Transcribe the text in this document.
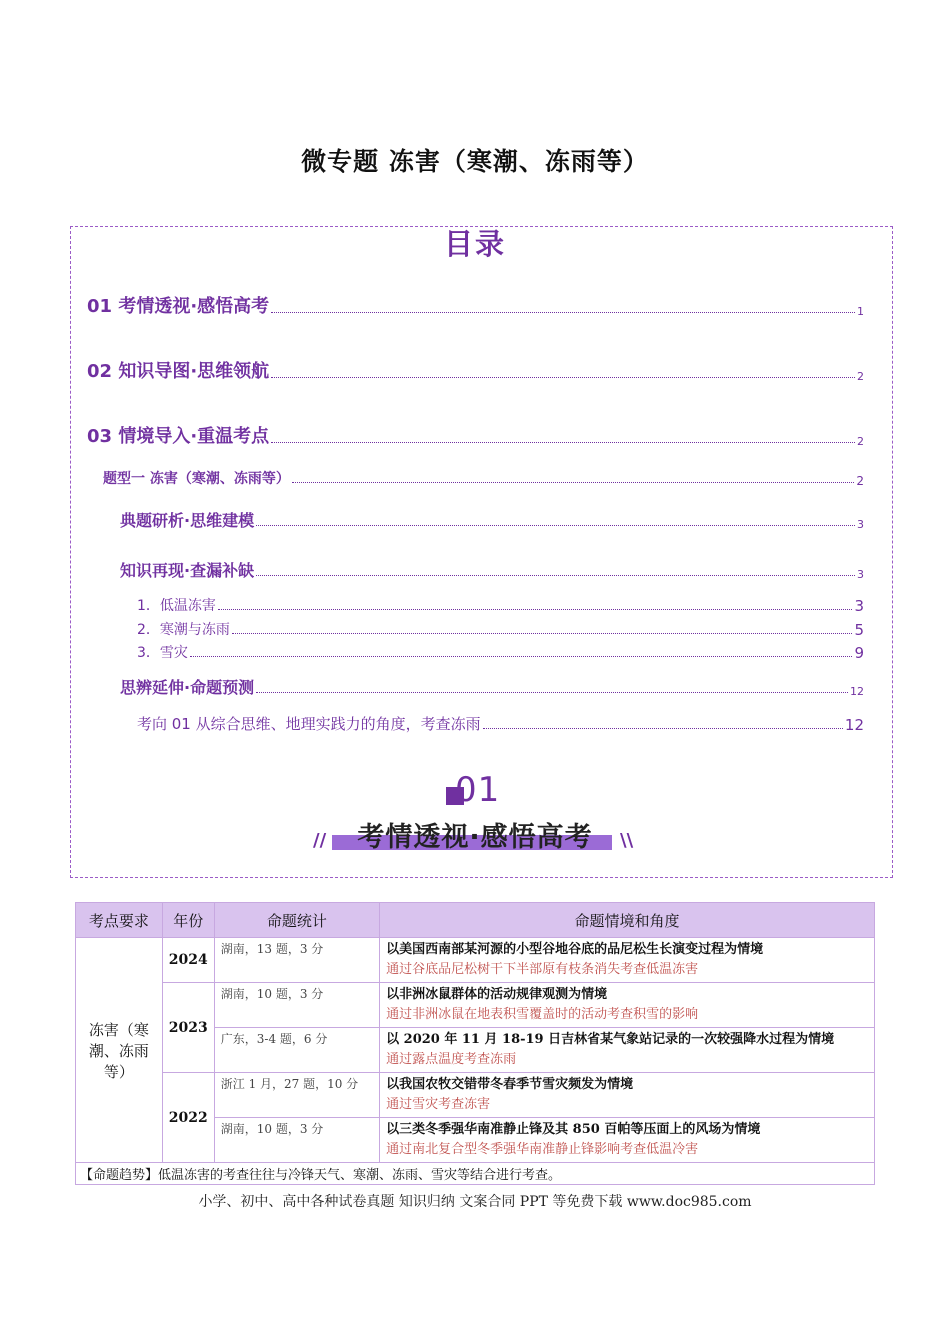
微专题 冻害（寒潮、冻雨等）
目录
01 考情透视·感悟高考	1
02 知识导图·思维领航	2
03 情境导入·重温考点	2
题型一 冻害（寒潮、冻雨等）	2
典题研析·思维建模	3
知识再现·查漏补缺	3
1．低温冻害	3
2．寒潮与冻雨	5
3．雪灾	9
思辨延伸·命题预测	12
考向 01 从综合思维、地理实践力的角度，考查冻雨	12
01
//	\\
考情透视·感悟高考
考点要求	年份	命题统计	命题情境和角度
冻害（寒潮、冻雨等）	2024	湖南，13 题，3 分	以美国西南部某河源的小型谷地谷底的品尼松生长演变过程为情境
通过谷底品尼松树干下半部原有枝条消失考查低温冻害

	2023	湖南，10 题，3 分	以非洲冰鼠群体的活动规律观测为情境
通过非洲冰鼠在地表积雪覆盖时的活动考查积雪的影响

		广东，3-4 题，6 分	以 2020 年 11 月 18-19 日吉林省某气象站记录的一次较强降水过程为情境
通过露点温度考查冻雨

	2022	浙江 1 月，27 题，10 分	以我国农牧交错带冬春季节雪灾频发为情境
通过雪灾考查冻害

		湖南，10 题，3 分	以三类冬季强华南准静止锋及其 850 百帕等压面上的风场为情境
通过南北复合型冬季强华南准静止锋影响考查低温冷害

【命题趋势】低温冻害的考查往往与冷锋天气、寒潮、冻雨、雪灾等结合进行考查。			
小学、初中、高中各种试卷真题 知识归纳 文案合同 PPT 等免费下载 www.doc985.com
